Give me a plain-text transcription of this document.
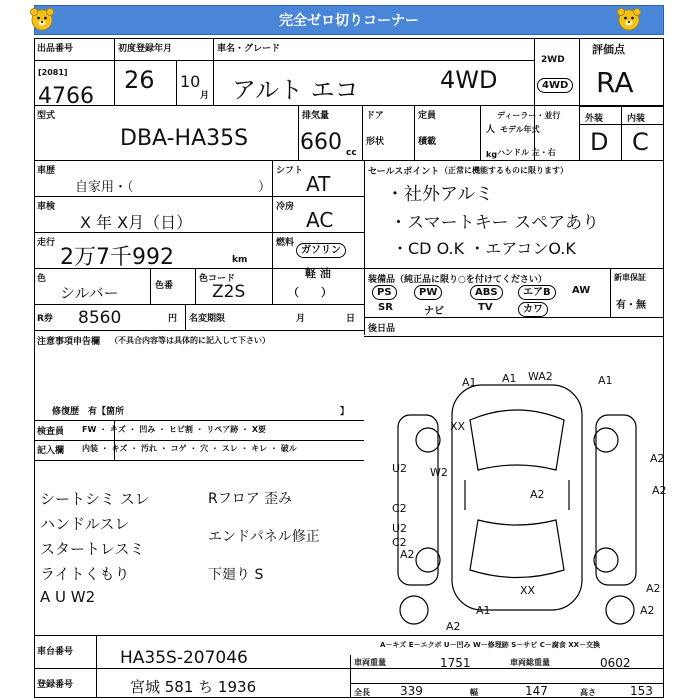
完全ゼロ切りコーナー
出品番号
[2081]
4766
初度登録年月
26 10
月
車名・グレード
アルト エコ	4WD
2WD
4WD
評価点
RA
型式
DBA-HA35S
排気量
660 cc
ドア	定員
人
形状	積載
kg
ディーラー・並行
モデル年式
ハンドル 左・右
外装	内装
D C
車歴
自家用・（	）
シフト
AT
車検
X 年 X月（日）
冷房
AC
走行
2万7千992	km
燃料
ガソリン
軽 油
（　　）
色
シルバー	色番
色コード
Z2S
R券 8560	円 名変期限	月	日
注意事項申告欄 （不具合内容等は具体的に記入して下さい）
修復歴　有【箇所	】
検査員
記入欄
FW ・ キズ ・ 凹み ・ ヒビ割 ・ リペア跡 ・ X要
内装 ・ キズ ・ 汚れ ・ コゲ ・ 穴 ・ スレ ・ キレ ・ 破ル
シートシミ スレ
ハンドルスレ
スタートレスミ
ライトくもり
A U W2
Rフロア 歪み
エンドパネル修正
下廻り S
セールスポイント （正常に機能するものに限ります）
・社外アルミ
・スマートキー スペアあり
・CD O.K ・エアコンO.K
装備品（純正品に限り○を付けてください）	新車保証
PS	PW	ABS	エアB	AW
SR	ナビ	TV	カワ	有・無
後日品
A1 A1 WA2	A1
XX
A2
U2 W2
A2
C2
U2
C2
A2
A2
A2
XX
A2
A2
A1
A－キズ E－エクボ U－凹み W－修理跡 S－サビ C－腐食 XX－交換
車台番号	HA35S-207046
登録番号	宮城 581 ち 1936
車両重量	1751	車両総重量	0602
全長	339	幅	147	高さ	153
